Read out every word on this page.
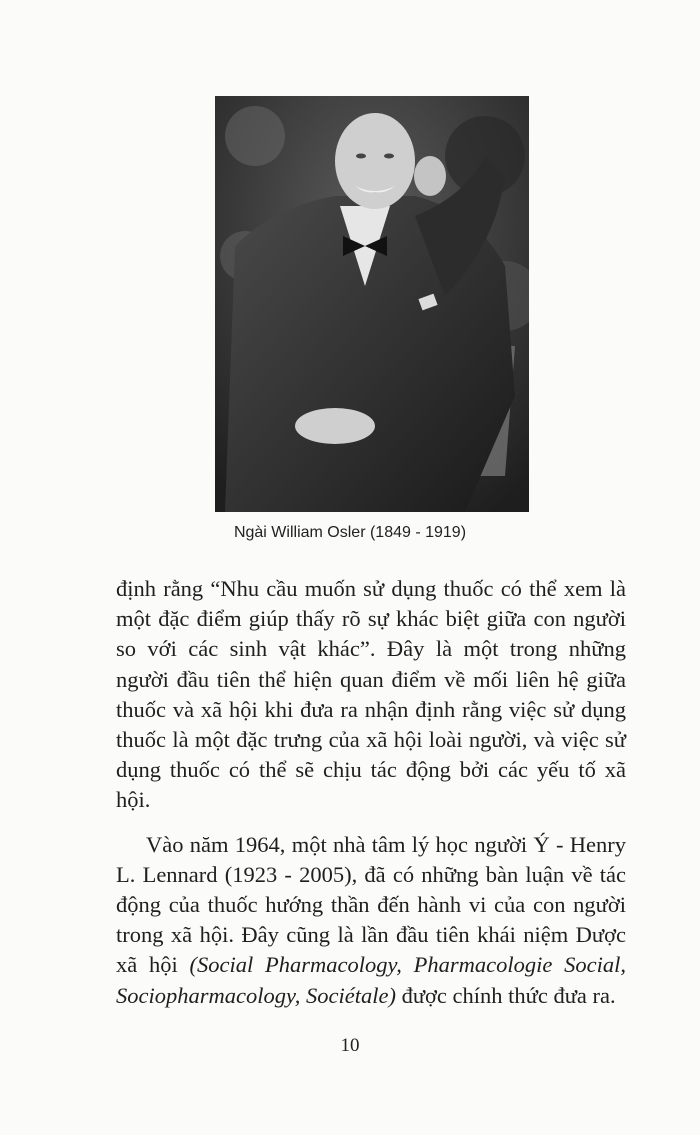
Ngài William Osler (1849 - 1919)

định rằng “Nhu cầu muốn sử dụng thuốc có thể xem là một đặc điểm giúp thấy rõ sự khác biệt giữa con người so với các sinh vật khác”. Đây là một trong những người đầu tiên thể hiện quan điểm về mối liên hệ giữa thuốc và xã hội khi đưa ra nhận định rằng việc sử dụng thuốc là một đặc trưng của xã hội loài người, và việc sử dụng thuốc có thể sẽ chịu tác động bởi các yếu tố xã hội.

Vào năm 1964, một nhà tâm lý học người Ý - Henry L. Lennard (1923 - 2005), đã có những bàn luận về tác động của thuốc hướng thần đến hành vi của con người trong xã hội. Đây cũng là lần đầu tiên khái niệm Dược xã hội (Social Pharmacology, Pharmacologie Social, Sociopharmacology, Sociétale) được chính thức đưa ra.

10
